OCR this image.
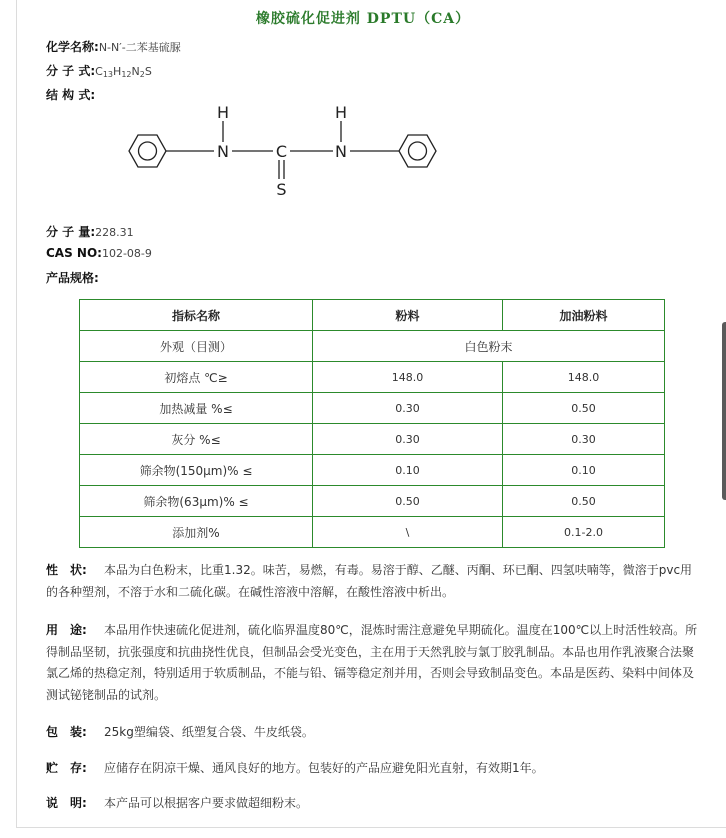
橡胶硫化促进剂 DPTU（CA）
化学名称:N-N′-二苯基硫脲
分 子 式$:C_{13}H_{12}N_2S$
结 构 式:
H
N	C
H
N
S
分 子 量:228.31
CAS NO:102-08-9
产品规格:
指标名称	粉料	加油粉料
外观（目测）	白色粉末	
初熔点 ℃≥	148.0	148.0
加热减量 %≤	0.30	0.50
灰分 %≤	0.30	0.30
筛余物(150μm)% ≤	0.10	0.10
筛余物(63μm)% ≤	0.50	0.50
添加剂%	\	0.1-2.0
性　状: 本品为白色粉末，比重1.32。味苦，易燃，有毒。易溶于醇、乙醚、丙酮、环已酮、四氢呋喃等，微溶于pvc用的各种塑剂，不溶于水和二硫化碳。在碱性溶液中溶解，在酸性溶液中析出。
用　途: 本品用作快速硫化促进剂，硫化临界温度80℃，混炼时需注意避免早期硫化。温度在100℃以上时活性较高。所得制品坚韧，抗张强度和抗曲挠性优良，但制品会受光变色，主在用于天然乳胶与氯丁胶乳制品。本品也用作乳液聚合法聚氯乙烯的热稳定剂，特别适用于软质制品，不能与铅、镉等稳定剂并用，否则会导致制品变色。本品是医药、染料中间体及测试铋铑制品的试剂。
包　装: 25kg塑编袋、纸塑复合袋、牛皮纸袋。
贮　存: 应储存在阴凉干燥、通风良好的地方。包装好的产品应避免阳光直射，有效期1年。
说　明: 本产品可以根据客户要求做超细粉末。
